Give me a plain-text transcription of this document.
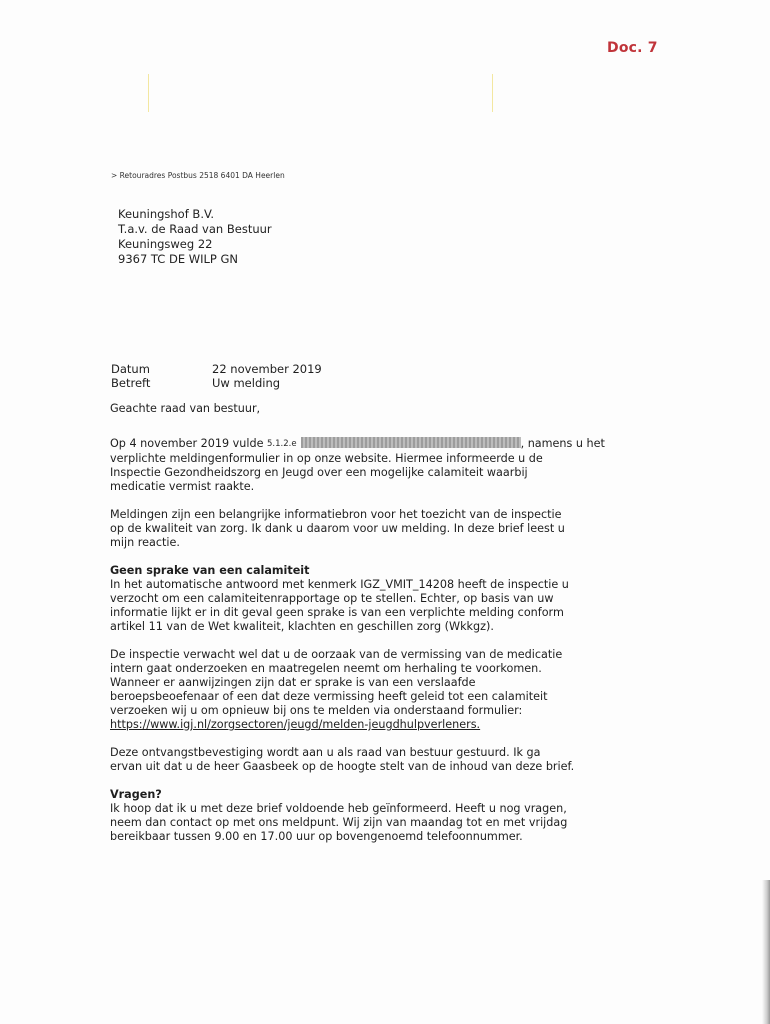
Doc. 7
> Retouradres Postbus 2518 6401 DA Heerlen
Keuningshof B.V.
T.a.v. de Raad van Bestuur
Keuningsweg 22
9367 TC DE WILP GN
Datum	22 november 2019
Betreft	Uw melding

Geachte raad van bestuur,

Op 4 november 2019 vulde 5.1.2.e	, namens u het

verplichte meldingenformulier in op onze website. Hiermee informeerde u de

Inspectie Gezondheidszorg en Jeugd over een mogelijke calamiteit waarbij

medicatie vermist raakte.

Meldingen zijn een belangrijke informatiebron voor het toezicht van de inspectie

op de kwaliteit van zorg. Ik dank u daarom voor uw melding. In deze brief leest u

mijn reactie.

Geen sprake van een calamiteit

In het automatische antwoord met kenmerk IGZ_VMIT_14208 heeft de inspectie u

verzocht om een calamiteitenrapportage op te stellen. Echter, op basis van uw

informatie lijkt er in dit geval geen sprake is van een verplichte melding conform

artikel 11 van de Wet kwaliteit, klachten en geschillen zorg (Wkkgz).

De inspectie verwacht wel dat u de oorzaak van de vermissing van de medicatie

intern gaat onderzoeken en maatregelen neemt om herhaling te voorkomen.

Wanneer er aanwijzingen zijn dat er sprake is van een verslaafde

beroepsbeoefenaar of een dat deze vermissing heeft geleid tot een calamiteit

verzoeken wij u om opnieuw bij ons te melden via onderstaand formulier:

https://www.igj.nl/zorgsectoren/jeugd/melden-jeugdhulpverleners.

Deze ontvangstbevestiging wordt aan u als raad van bestuur gestuurd. Ik ga

ervan uit dat u de heer Gaasbeek op de hoogte stelt van de inhoud van deze brief.

Vragen?

Ik hoop dat ik u met deze brief voldoende heb geïnformeerd. Heeft u nog vragen,

neem dan contact op met ons meldpunt. Wij zijn van maandag tot en met vrijdag

bereikbaar tussen 9.00 en 17.00 uur op bovengenoemd telefoonnummer.
